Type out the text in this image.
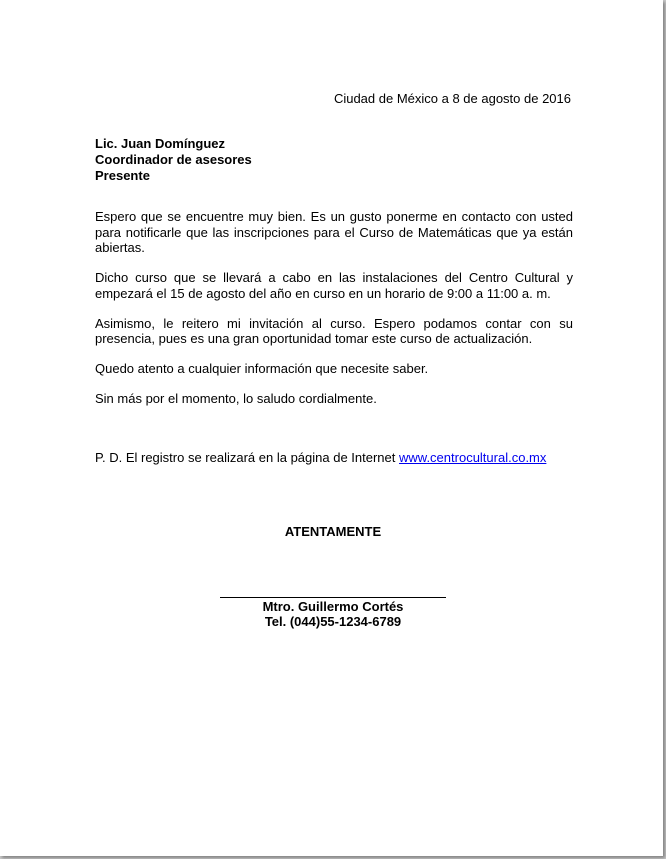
Ciudad de México a 8 de agosto de 2016
Lic. Juan Domínguez
Coordinador de asesores
Presente

Espero que se encuentre muy bien. Es un gusto ponerme en contacto con usted para notificarle que las inscripciones para el Curso de Matemáticas que ya están abiertas.

Dicho curso que se llevará a cabo en las instalaciones del Centro Cultural y empezará el 15 de agosto del año en curso en un horario de 9:00 a 11:00 a. m.

Asimismo, le reitero mi invitación al curso. Espero podamos contar con su presencia, pues es una gran oportunidad tomar este curso de actualización.

Quedo atento a cualquier información que necesite saber.

Sin más por el momento, lo saludo cordialmente.

P. D. El registro se realizará en la página de Internet www.centrocultural.co.mx
ATENTAMENTE
Mtro. Guillermo Cortés
Tel. (044)55-1234-6789
